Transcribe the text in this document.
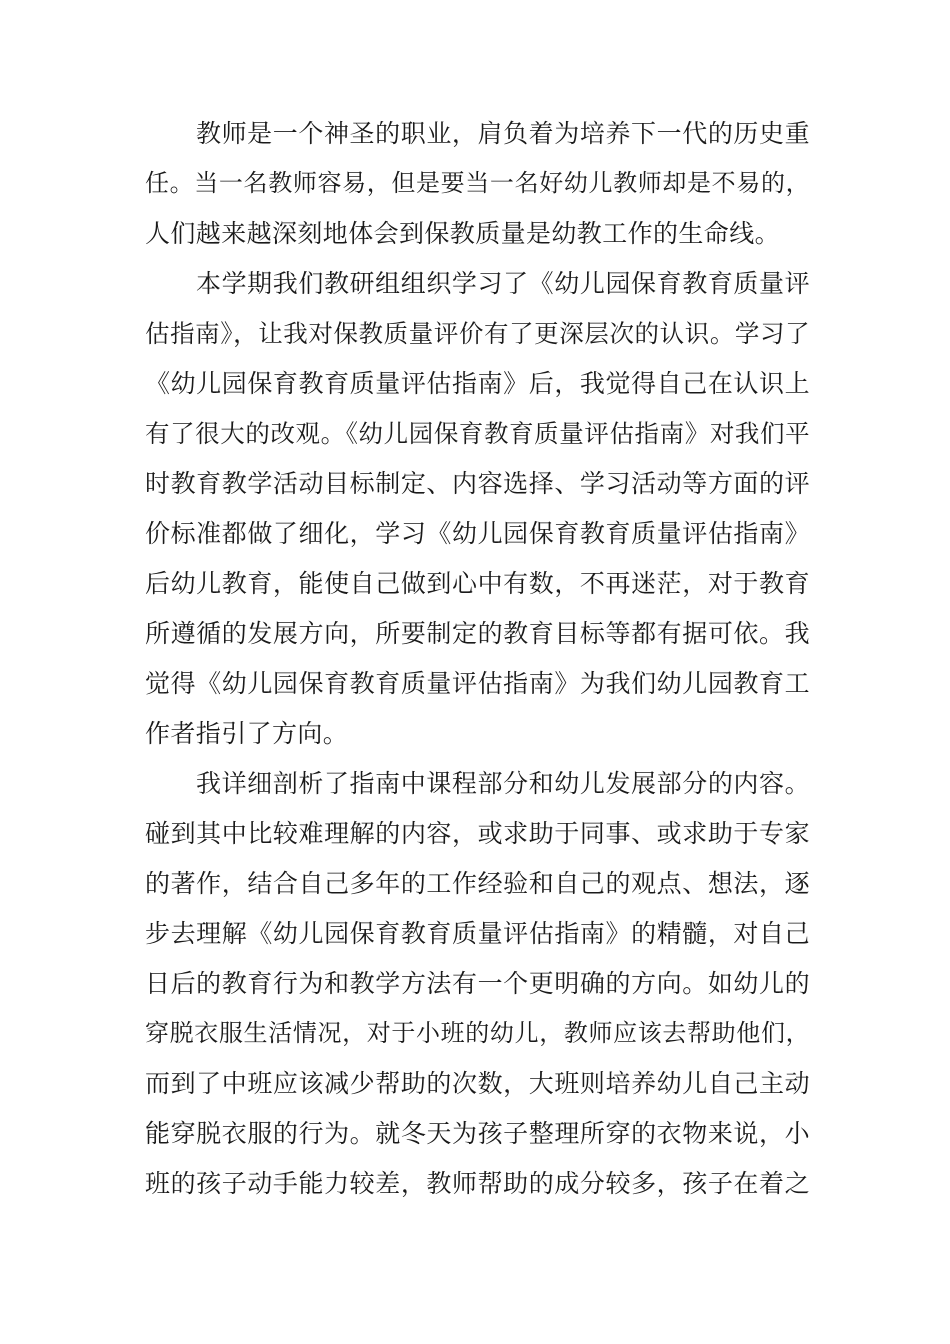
教师是一个神圣的职业，肩负着为培养下一代的历史重
任。当一名教师容易，但是要当一名好幼儿教师却是不易的，
人们越来越深刻地体会到保教质量是幼教工作的生命线。
本学期我们教研组组织学习了《幼儿园保育教育质量评
估指南》，让我对保教质量评价有了更深层次的认识。学习了
《幼儿园保育教育质量评估指南》后，我觉得自己在认识上
有了很大的改观。《幼儿园保育教育质量评估指南》对我们平
时教育教学活动目标制定、内容选择、学习活动等方面的评
价标准都做了细化，学习《幼儿园保育教育质量评估指南》
后幼儿教育，能使自己做到心中有数，不再迷茫，对于教育
所遵循的发展方向，所要制定的教育目标等都有据可依。我
觉得《幼儿园保育教育质量评估指南》为我们幼儿园教育工
作者指引了方向。
我详细剖析了指南中课程部分和幼儿发展部分的内容。
碰到其中比较难理解的内容，或求助于同事、或求助于专家
的著作，结合自己多年的工作经验和自己的观点、想法，逐
步去理解《幼儿园保育教育质量评估指南》的精髓，对自己
日后的教育行为和教学方法有一个更明确的方向。如幼儿的
穿脱衣服生活情况，对于小班的幼儿，教师应该去帮助他们，
而到了中班应该减少帮助的次数，大班则培养幼儿自己主动
能穿脱衣服的行为。就冬天为孩子整理所穿的衣物来说，小
班的孩子动手能力较差，教师帮助的成分较多，孩子在着之
